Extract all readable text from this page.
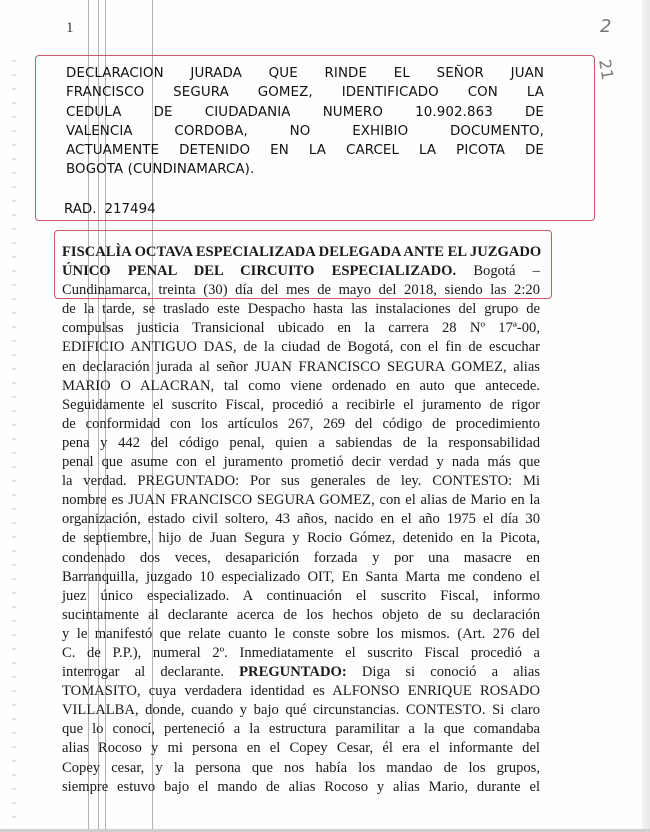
1	2
21
DECLARACION JURADA QUE RINDE EL SEÑOR JUAN
FRANCISCO SEGURA GOMEZ, IDENTIFICADO CON LA
CEDULA DE CIUDADANIA NUMERO 10.902.863 DE
VALENCIA CORDOBA, NO EXHIBIO DOCUMENTO,
ACTUAMENTE DETENIDO EN LA CARCEL LA PICOTA DE
BOGOTA (CUNDINAMARCA).
RAD. 217494
FISCALÌA OCTAVA ESPECIALIZADA DELEGADA ANTE EL JUZGADO
ÚNICO PENAL DEL CIRCUITO ESPECIALIZADO. Bogotá –
Cundinamarca, treinta (30) día del mes de mayo del 2018, siendo las 2:20
de la tarde, se traslado este Despacho hasta las instalaciones del grupo de
compulsas justicia Transicional ubicado en la carrera 28 Nº 17ª-00,
EDIFICIO ANTIGUO DAS, de la ciudad de Bogotá, con el fin de escuchar
en declaración jurada al señor JUAN FRANCISCO SEGURA GOMEZ, alias
MARIO O ALACRAN, tal como viene ordenado en auto que antecede.
Seguidamente el suscrito Fiscal, procedió a recibirle el juramento de rigor
de conformidad con los artículos 267, 269 del código de procedimiento
pena y 442 del código penal, quien a sabiendas de la responsabilidad
penal que asume con el juramento prometió decir verdad y nada más que
la verdad. PREGUNTADO: Por sus generales de ley. CONTESTO: Mi
nombre es JUAN FRANCISCO SEGURA GOMEZ, con el alias de Mario en la
organización, estado civil soltero, 43 años, nacido en el año 1975 el día 30
de septiembre, hijo de Juan Segura y Rocio Gómez, detenido en la Picota,
condenado dos veces, desaparición forzada y por una masacre en
Barranquilla, juzgado 10 especializado OIT, En Santa Marta me condeno el
juez único especializado. A continuación el suscrito Fiscal, informo
sucintamente al declarante acerca de los hechos objeto de su declaración
y le manifestó que relate cuanto le conste sobre los mismos. (Art. 276 del
C. de P.P.), numeral 2º. Inmediatamente el suscrito Fiscal procedió a
interrogar al declarante. PREGUNTADO: Diga si conoció a alias
TOMASITO, cuya verdadera identidad es ALFONSO ENRIQUE ROSADO
VILLALBA, donde, cuando y bajo qué circunstancias. CONTESTO. Si claro
que lo conocí, perteneció a la estructura paramilitar a la que comandaba
alias Rocoso y mi persona en el Copey Cesar, él era el informante del
Copey cesar, y la persona que nos había los mandao de los grupos,
siempre estuvo bajo el mando de alias Rocoso y alias Mario, durante el
